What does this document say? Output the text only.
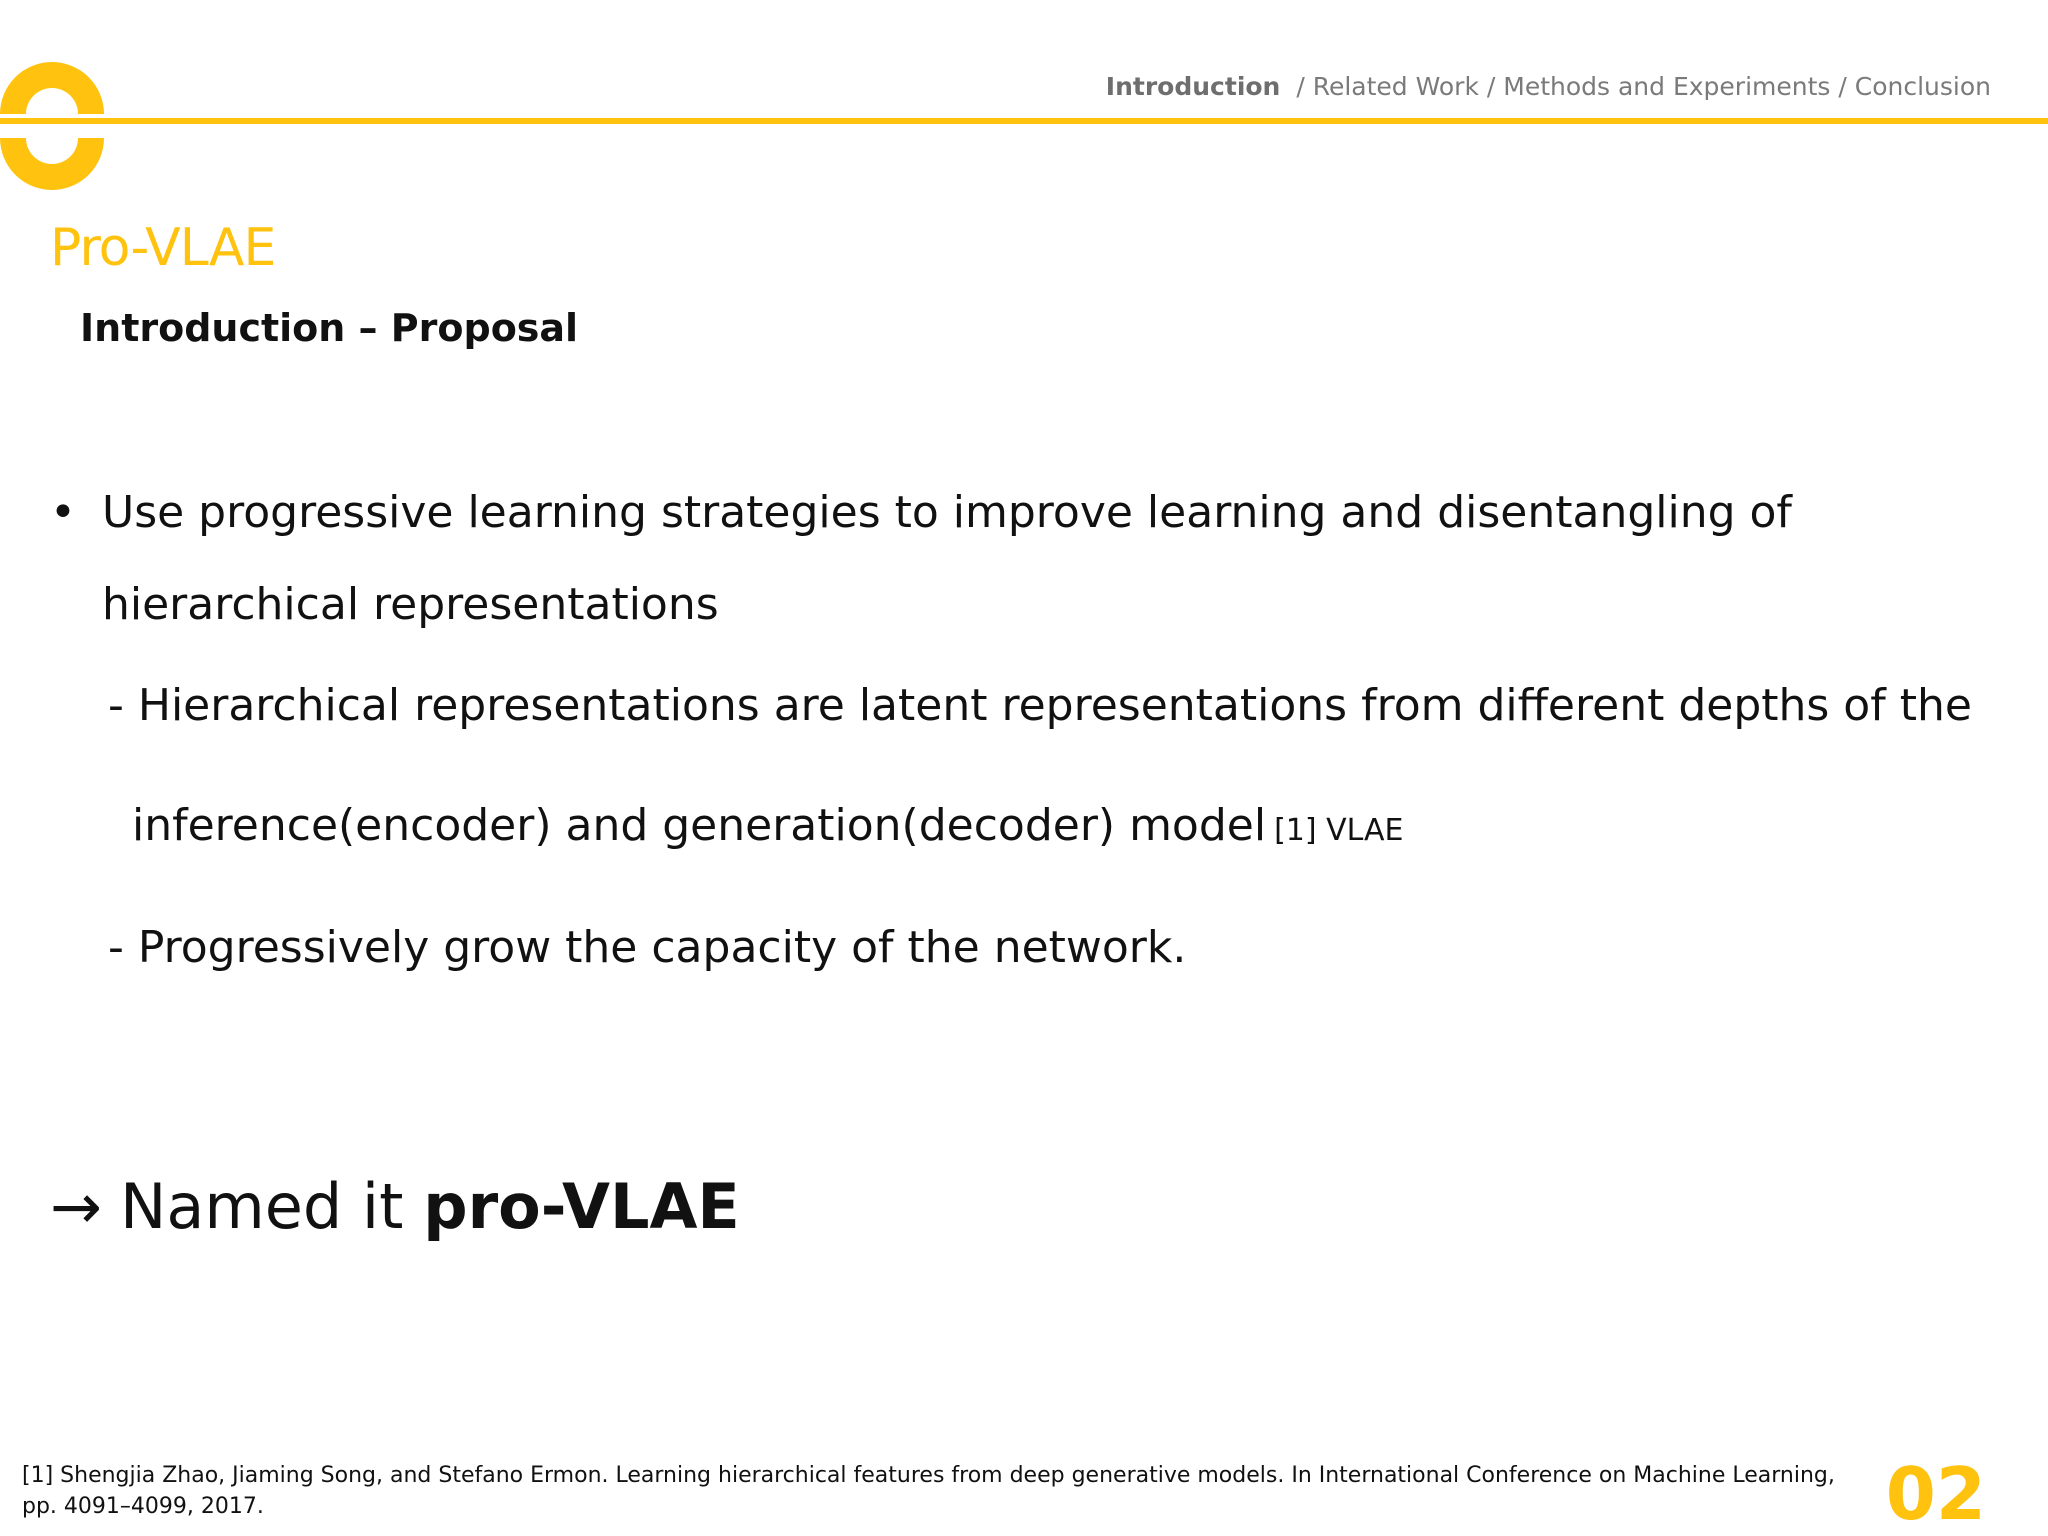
Introduction / Related Work / Methods and Experiments / Conclusion
Pro-VLAE
Introduction – Proposal
• Use progressive learning strategies to improve learning and disentangling of
hierarchical representations
- Hierarchical representations are latent representations from different depths of the
inference(encoder) and generation(decoder) model [1] VLAE
- Progressively grow the capacity of the network.
→ Named it pro-VLAE
[1] Shengjia Zhao, Jiaming Song, and Stefano Ermon. Learning hierarchical features from deep generative models. In International Conference on Machine Learning, pp. 4091–4099, 2017.	02
